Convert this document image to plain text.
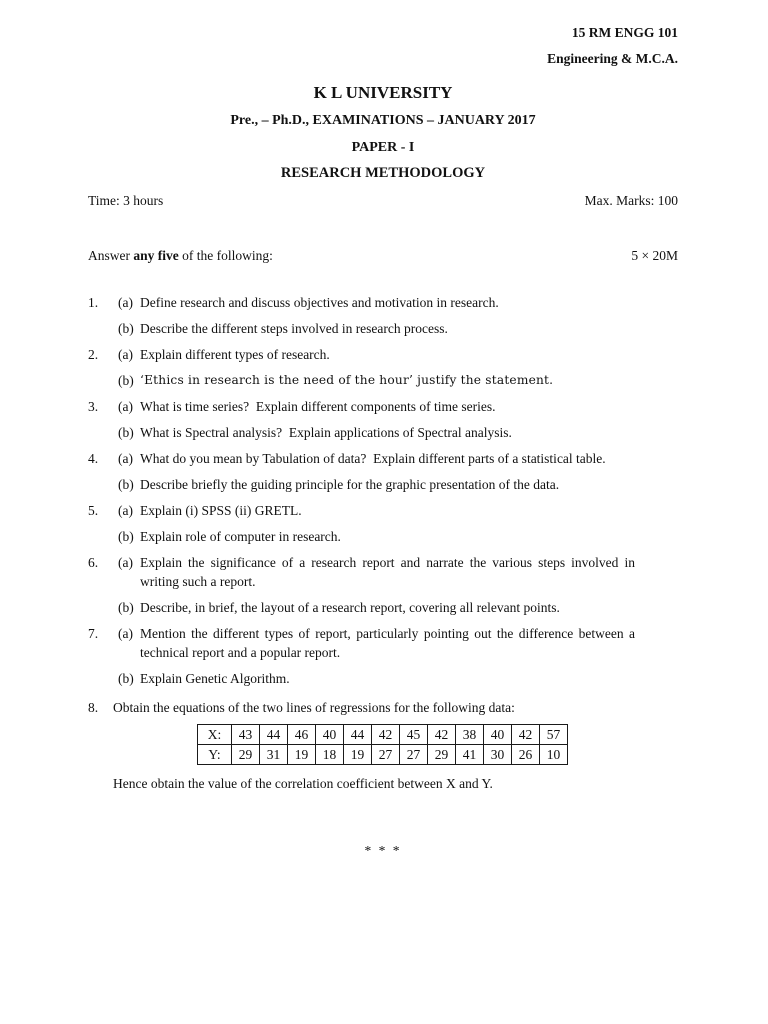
15 RM ENGG 101
Engineering & M.C.A.
K L UNIVERSITY
Pre., – Ph.D., EXAMINATIONS – JANUARY 2017
PAPER - I
RESEARCH METHODOLOGY
Time: 3 hours	Max. Marks: 100
Answer any five of the following:	5 × 20M
1.	(a) Define research and discuss objectives and motivation in research.
(b) Describe the different steps involved in research process.
2.	(a) Explain different types of research.
(b) ‘Ethics in research is the need of the hour’ justify the statement.
3.	(a) What is time series?  Explain different components of time series.
(b) What is Spectral analysis?  Explain applications of Spectral analysis.
4.	(a) What do you mean by Tabulation of data?  Explain different parts of a statistical table.
(b) Describe briefly the guiding principle for the graphic presentation of the data.
5.	(a) Explain (i) SPSS (ii) GRETL.
(b) Explain role of computer in research.
6.	(a) Explain the significance of a research report and narrate the various steps involved in writing such a report.
(b) Describe, in brief, the layout of a research report, covering all relevant points.
7.	(a) Mention the different types of report, particularly pointing out the difference between a technical report and a popular report.
(b) Explain Genetic Algorithm.
8.	Obtain the equations of the two lines of regressions for the following data:
X:	43	44	46	40	44	42	45	42	38	40	42	57
Y:	29	31	19	18	19	27	27	29	41	30	26	10
Hence obtain the value of the correlation coefficient between X and Y.
* * *
